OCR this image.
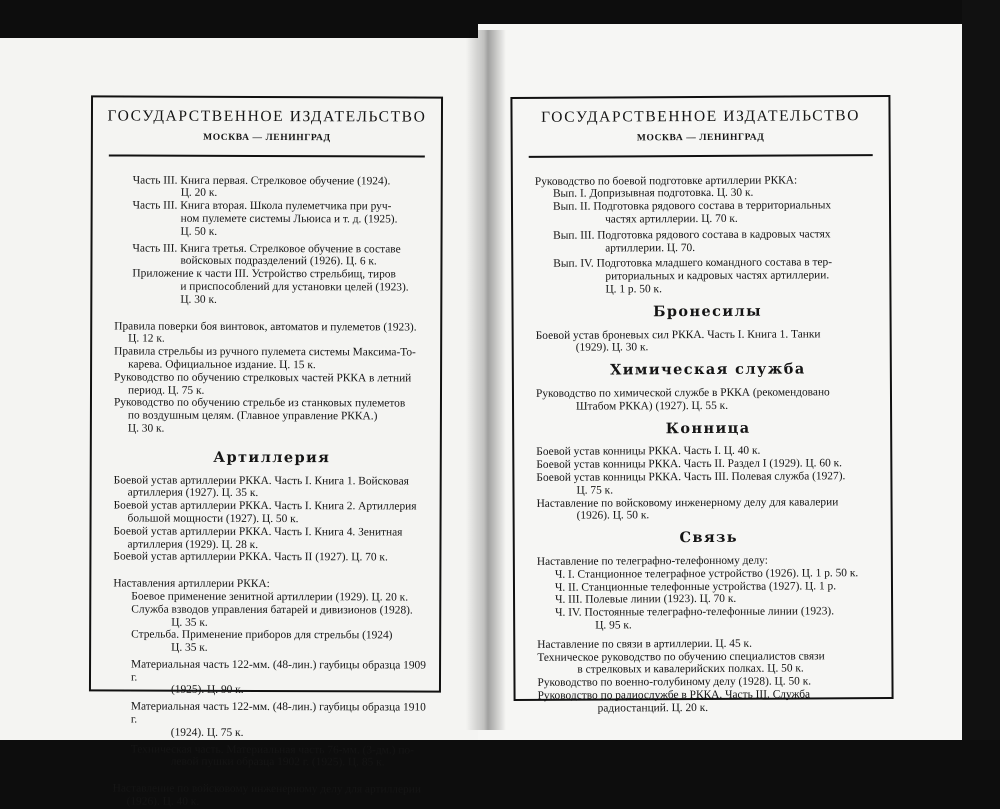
ГОСУДАРСТВЕННОЕ ИЗДАТЕЛЬСТВО
МОСКВА — ЛЕНИНГРАД
Часть III. Книга первая. Стрелковое обучение (1924).
Ц. 20 к.
Часть III. Книга вторая. Школа пулеметчика при руч-
ном пулемете системы Льюиса и т. д. (1925).
Ц. 50 к.
Часть III. Книга третья. Стрелковое обучение в составе
войсковых подразделений (1926). Ц. 6 к.
Приложение к части III. Устройство стрельбищ, тиров
и приспособлений для установки целей (1923).
Ц. 30 к.
Правила поверки боя винтовок, автоматов и пулеметов (1923).
Ц. 12 к.
Правила стрельбы из ручного пулемета системы Максима-То-
карева. Официальное издание. Ц. 15 к.
Руководство по обучению стрелковых частей РККА в летний
период. Ц. 75 к.
Руководство по обучению стрельбе из станковых пулеметов
по воздушным целям. (Главное управление РККА.)
Ц. 30 к.
Артиллерия
Боевой устав артиллерии РККА. Часть I. Книга 1. Войсковая
артиллерия (1927). Ц. 35 к.
Боевой устав артиллерии РККА. Часть I. Книга 2. Артиллерия
большой мощности (1927). Ц. 50 к.
Боевой устав артиллерии РККА. Часть I. Книга 4. Зенитная
артиллерия (1929). Ц. 28 к.
Боевой устав артиллерии РККА. Часть II (1927). Ц. 70 к.
Наставления артиллерии РККА:
Боевое применение зенитной артиллерии (1929). Ц. 20 к.
Служба взводов управления батарей и дивизионов (1928).
Ц. 35 к.
Стрельба. Применение приборов для стрельбы (1924)
Ц. 35 к.
Материальная часть 122-мм. (48-лин.) гаубицы образца 1909 г.
(1925). Ц. 90 к.
Материальная часть 122-мм. (48-лин.) гаубицы образца 1910 г.
(1924). Ц. 75 к.
Техническая часть. Материальная часть 76-мм. (3-дм.) по-
левой пушки образца 1902 г. (1925). Ц. 85 к.
Наставление по войсковому инженерному делу для артиллерии
(1926). Ц. 40 к.
ГОСУДАРСТВЕННОЕ ИЗДАТЕЛЬСТВО
МОСКВА — ЛЕНИНГРАД
Руководство по боевой подготовке артиллерии РККА:
Вып. I. Допризывная подготовка. Ц. 30 к.
Вып. II. Подготовка рядового состава в территориальных
частях артиллерии. Ц. 70 к.
Вып. III. Подготовка рядового состава в кадровых частях
артиллерии. Ц. 70.
Вып. IV. Подготовка младшего командного состава в тер-
риториальных и кадровых частях артиллерии.
Ц. 1 р. 50 к.
Бронесилы
Боевой устав броневых сил РККА. Часть I. Книга 1. Танки
(1929). Ц. 30 к.
Химическая служба
Руководство по химической службе в РККА (рекомендовано
Штабом РККА) (1927). Ц. 55 к.
Конница
Боевой устав конницы РККА. Часть I. Ц. 40 к.
Боевой устав конницы РККА. Часть II. Раздел I (1929). Ц. 60 к.
Боевой устав конницы РККА. Часть III. Полевая служба (1927).
Ц. 75 к.
Наставление по войсковому инженерному делу для кавалерии
(1926). Ц. 50 к.
Связь
Наставление по телеграфно-телефонному делу:
Ч. I. Станционное телеграфное устройство (1926). Ц. 1 р. 50 к.
Ч. II. Станционные телефонные устройства (1927). Ц. 1 р.
Ч. III. Полевые линии (1923). Ц. 70 к.
Ч. IV. Постоянные телеграфно-телефонные линии (1923).
Ц. 95 к.
Наставление по связи в артиллерии. Ц. 45 к.
Техническое руководство по обучению специалистов связи
в стрелковых и кавалерийских полках. Ц. 50 к.
Руководство по военно-голубиному делу (1928). Ц. 50 к.
Руководство по радиослужбе в РККА. Часть III. Служба
радиостанций. Ц. 20 к.
